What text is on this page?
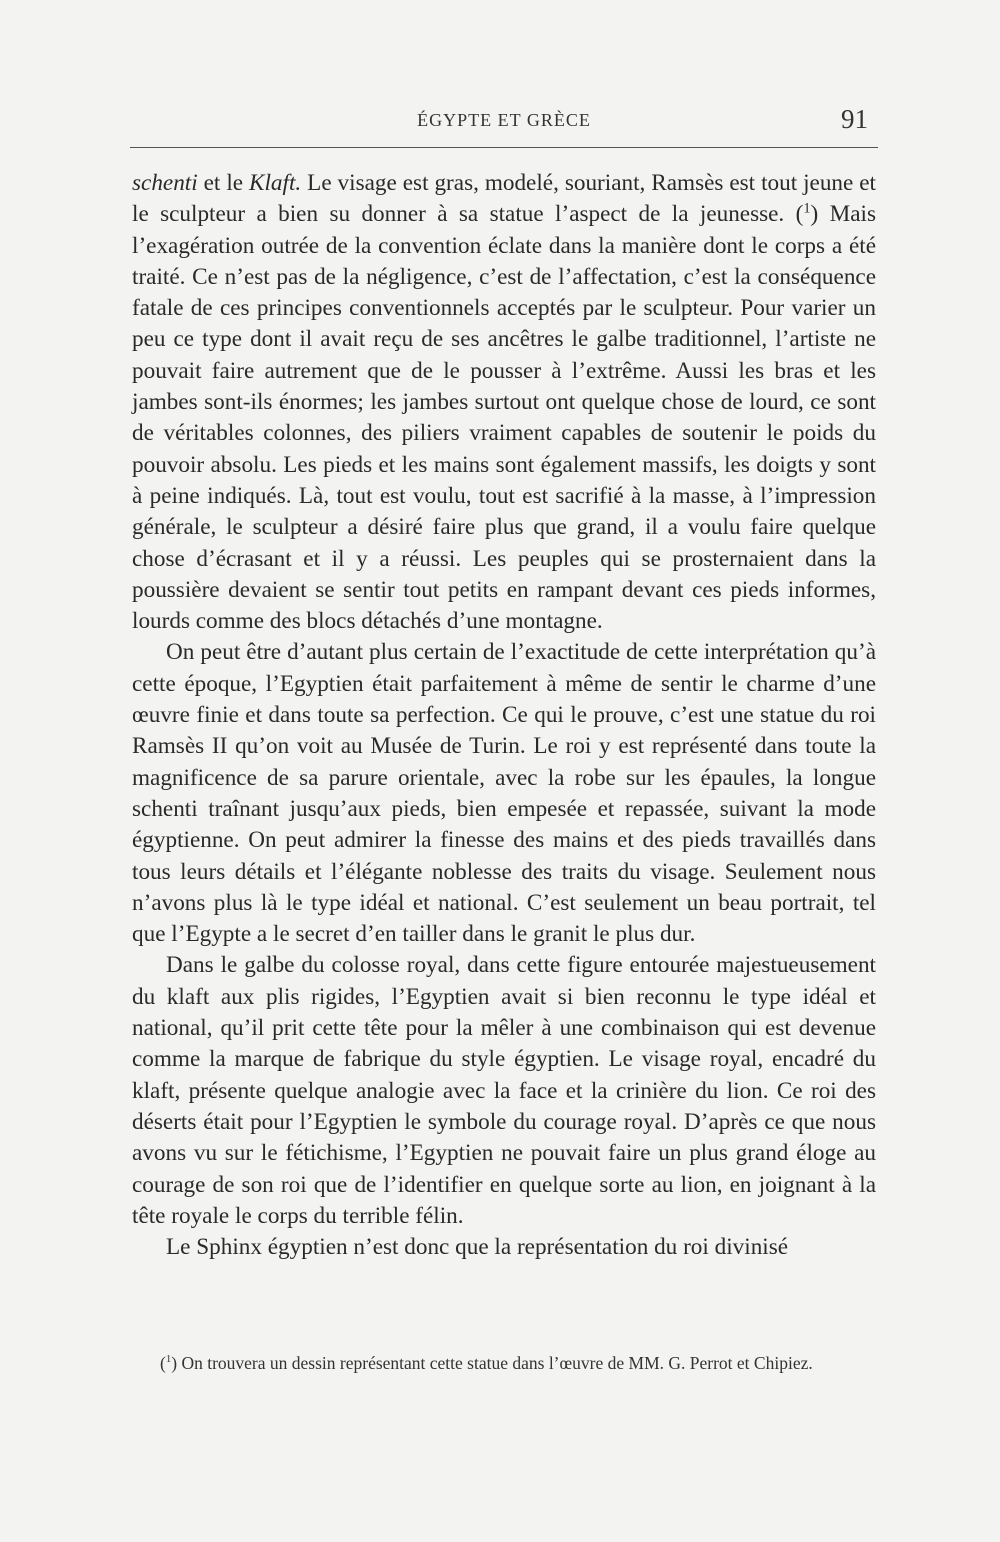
ÉGYPTE ET GRÈCE	91

schenti et le Klaft. Le visage est gras, modelé, souriant, Ramsès est tout jeune et le sculpteur a bien su donner à sa statue l’aspect de la jeunesse. ($^1$) Mais l’exagération outrée de la convention éclate dans la manière dont le corps a été traité. Ce n’est pas de la négligence, c’est de l’affectation, c’est la conséquence fatale de ces principes conventionnels acceptés par le sculpteur. Pour varier un peu ce type dont il avait reçu de ses ancêtres le galbe traditionnel, l’artiste ne pouvait faire autrement que de le pousser à l’extrême. Aussi les bras et les jambes sont-ils énormes; les jambes surtout ont quelque chose de lourd, ce sont de véritables colonnes, des piliers vraiment capables de soutenir le poids du pouvoir absolu. Les pieds et les mains sont également massifs, les doigts y sont à peine indiqués. Là, tout est voulu, tout est sacrifié à la masse, à l’impression générale, le sculpteur a désiré faire plus que grand, il a voulu faire quelque chose d’écrasant et il y a réussi. Les peuples qui se prosternaient dans la poussière devaient se sentir tout petits en rampant devant ces pieds informes, lourds comme des blocs détachés d’une montagne.

On peut être d’autant plus certain de l’exactitude de cette interprétation qu’à cette époque, l’Egyptien était parfaitement à même de sentir le charme d’une œuvre finie et dans toute sa perfection. Ce qui le prouve, c’est une statue du roi Ramsès II qu’on voit au Musée de Turin. Le roi y est représenté dans toute la magnificence de sa parure orientale, avec la robe sur les épaules, la longue schenti traînant jusqu’aux pieds, bien empesée et repassée, suivant la mode égyptienne. On peut admirer la finesse des mains et des pieds travaillés dans tous leurs détails et l’élégante noblesse des traits du visage. Seulement nous n’avons plus là le type idéal et national. C’est seulement un beau portrait, tel que l’Egypte a le secret d’en tailler dans le granit le plus dur.

Dans le galbe du colosse royal, dans cette figure entourée majestueusement du klaft aux plis rigides, l’Egyptien avait si bien reconnu le type idéal et national, qu’il prit cette tête pour la mêler à une combinaison qui est devenue comme la marque de fabrique du style égyptien. Le visage royal, encadré du klaft, présente quelque analogie avec la face et la crinière du lion. Ce roi des déserts était pour l’Egyptien le symbole du courage royal. D’après ce que nous avons vu sur le fétichisme, l’Egyptien ne pouvait faire un plus grand éloge au courage de son roi que de l’identifier en quelque sorte au lion, en joignant à la tête royale le corps du terrible félin.

Le Sphinx égyptien n’est donc que la représentation du roi divinisé

($^1$) On trouvera un dessin représentant cette statue dans l’œuvre de MM. G. Perrot et Chipiez.
